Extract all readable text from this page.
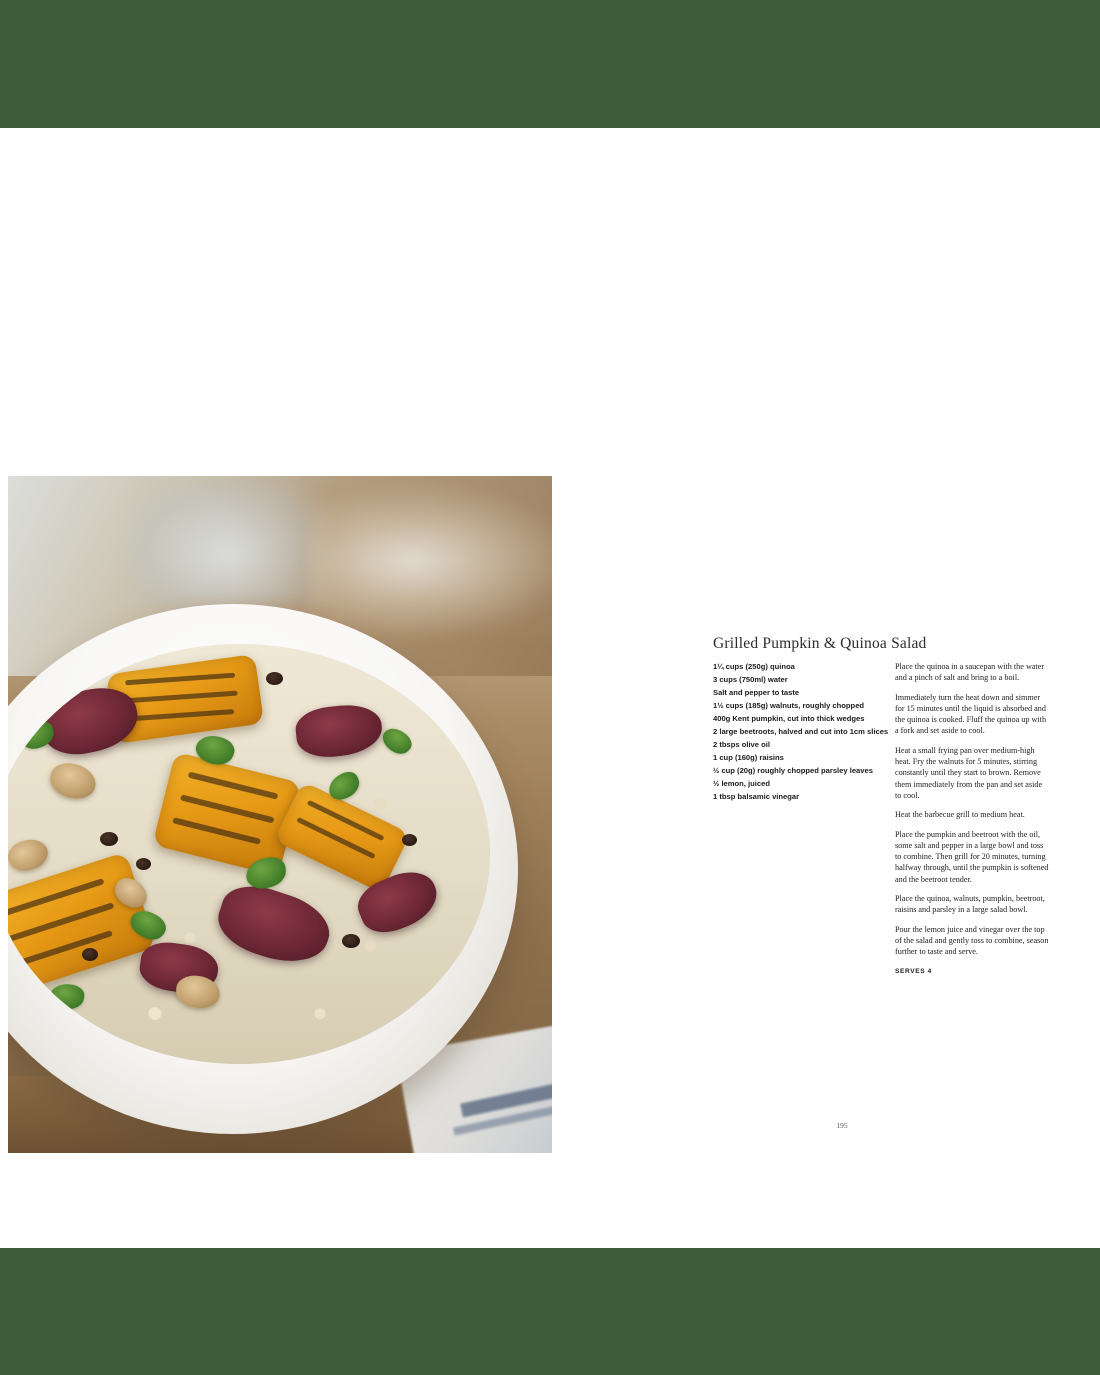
Grilled Pumpkin & Quinoa Salad
1¼ cups (250g) quinoa
3 cups (750ml) water
Salt and pepper to taste
1½ cups (185g) walnuts, roughly chopped
400g Kent pumpkin, cut into thick wedges
2 large beetroots, halved and cut into 1cm slices
2 tbsps olive oil
1 cup (160g) raisins
½ cup (20g) roughly chopped parsley leaves
½ lemon, juiced
1 tbsp balsamic vinegar

Place the quinoa in a saucepan with the water and a pinch of salt and bring to a boil.

Immediately turn the heat down and simmer for 15 minutes until the liquid is absorbed and the quinoa is cooked. Fluff the quinoa up with a fork and set aside to cool.

Heat a small frying pan over medium-high heat. Fry the walnuts for 5 minutes, stirring constantly until they start to brown. Remove them immediately from the pan and set aside to cool.

Heat the barbecue grill to medium heat.

Place the pumpkin and beetroot with the oil, some salt and pepper in a large bowl and toss to combine. Then grill for 20 minutes, turning halfway through, until the pumpkin is softened and the beetroot tender.

Place the quinoa, walnuts, pumpkin, beetroot, raisins and parsley in a large salad bowl.

Pour the lemon juice and vinegar over the top of the salad and gently toss to combine, season further to taste and serve.

SERVES 4
195
